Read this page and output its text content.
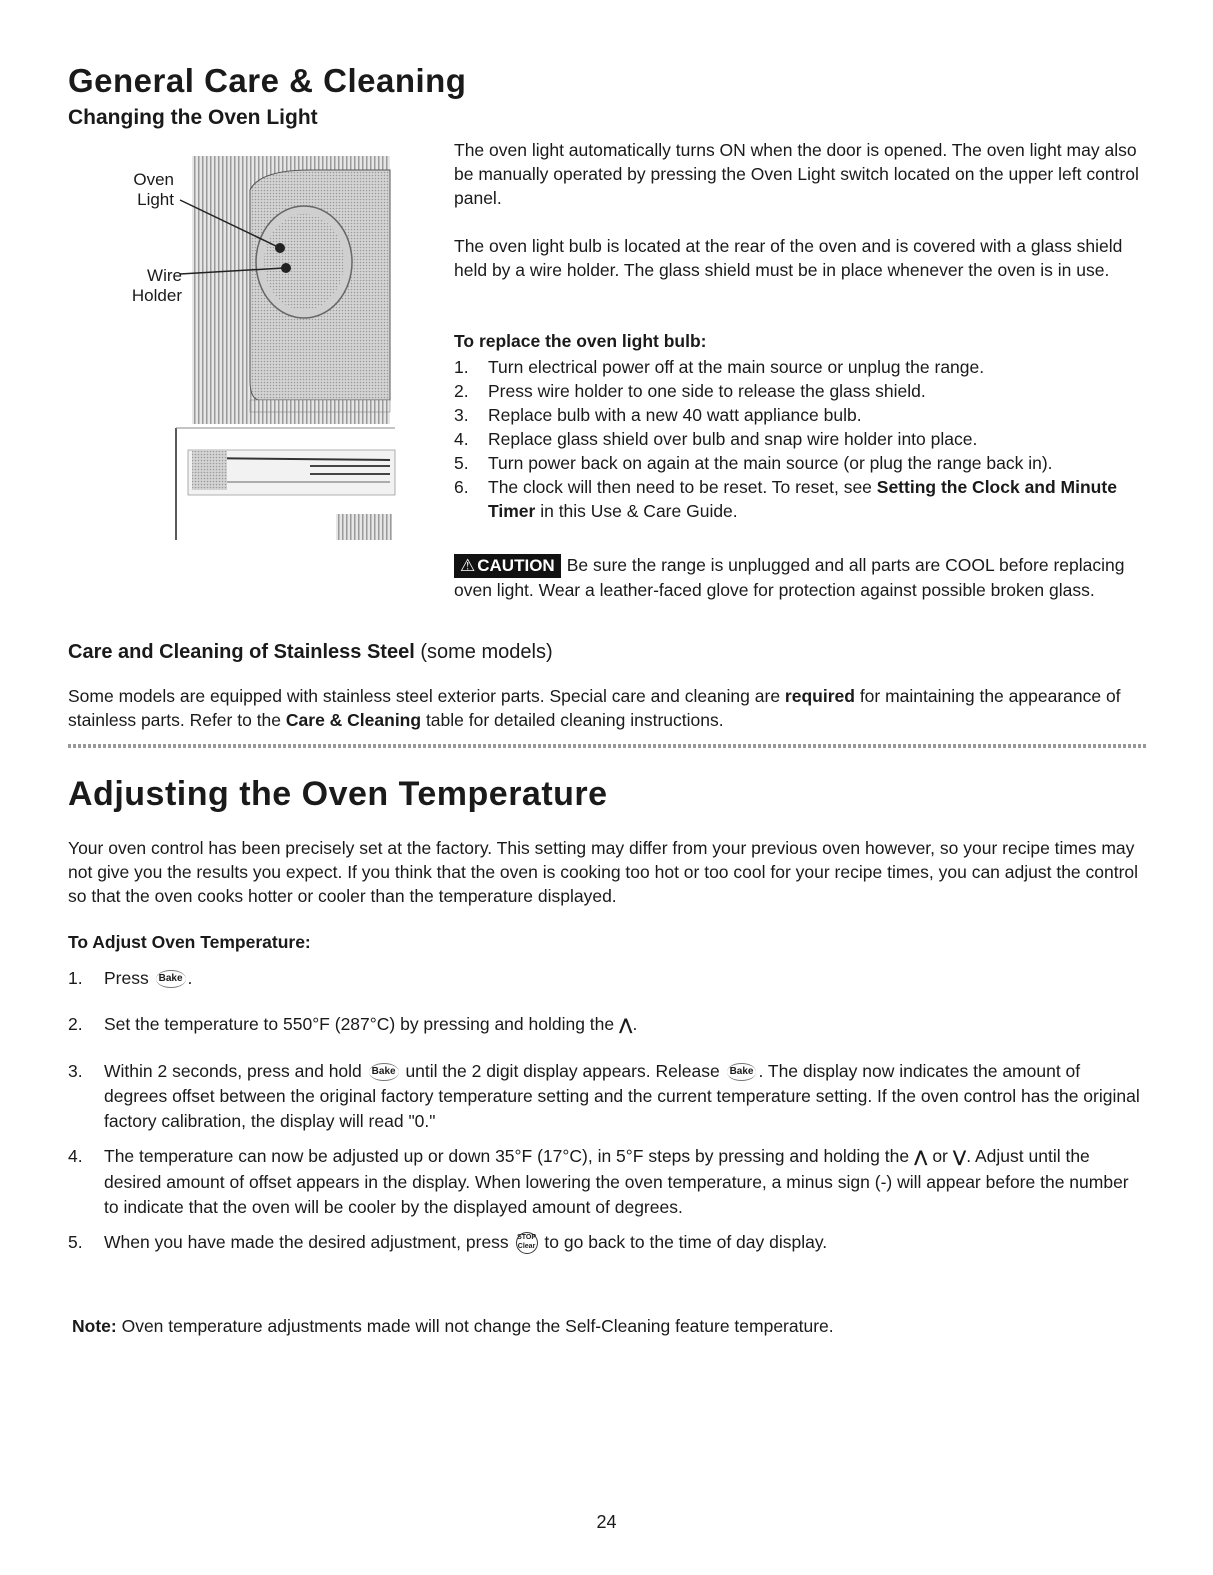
General Care & Cleaning
Changing the Oven Light
Oven
Light
Wire
Holder

The oven light automatically turns ON when the door is opened. The oven light may also be manually operated by pressing the Oven Light switch located on the upper left control panel.

The oven light bulb is located at the rear of the oven and is covered with a glass shield held by a wire holder. The glass shield must be in place whenever the oven is in use.

To replace the oven light bulb:
1. Turn electrical power off at the main source or unplug the range.
2. Press wire holder to one side to release the glass shield.
3. Replace bulb with a new 40 watt appliance bulb.
4. Replace glass shield over bulb and snap wire holder into place.
5. Turn power back on again at the main source (or plug the range back in).
6. The clock will then need to be reset. To reset, see Setting the Clock and Minute Timer in this Use & Care Guide.

⚠ CAUTION Be sure the range is unplugged and all parts are COOL before replacing oven light. Wear a leather-faced glove for protection against possible broken glass.

Care and Cleaning of Stainless Steel (some models)

Some models are equipped with stainless steel exterior parts. Special care and cleaning are required for maintaining the appearance of stainless parts. Refer to the Care & Cleaning table for detailed cleaning instructions.

Adjusting the Oven Temperature

Your oven control has been precisely set at the factory. This setting may differ from your previous oven however, so your recipe times may not give you the results you expect. If you think that the oven is cooking too hot or too cool for your recipe times, you can adjust the control so that the oven cooks hotter or cooler than the temperature displayed.

To Adjust Oven Temperature:
1. Press Bake .
2. Set the temperature to 550°F (287°C) by pressing and holding the ⋀.
3. Within 2 seconds, press and hold Bake until the 2 digit display appears. Release Bake . The display now indicates the amount of degrees offset between the original factory temperature setting and the current temperature setting. If the oven control has the original factory calibration, the display will read "0."
4. The temperature can now be adjusted up or down 35°F (17°C), in 5°F steps by pressing and holding the ⋀ or ⋁. Adjust until the desired amount of offset appears in the display. When lowering the oven temperature, a minus sign (-) will appear before the number to indicate that the oven will be cooler by the displayed amount of degrees.
5. When you have made the desired adjustment, press STOP
Clear to go back to the time of day display.

Note: Oven temperature adjustments made will not change the Self-Cleaning feature temperature.

24
